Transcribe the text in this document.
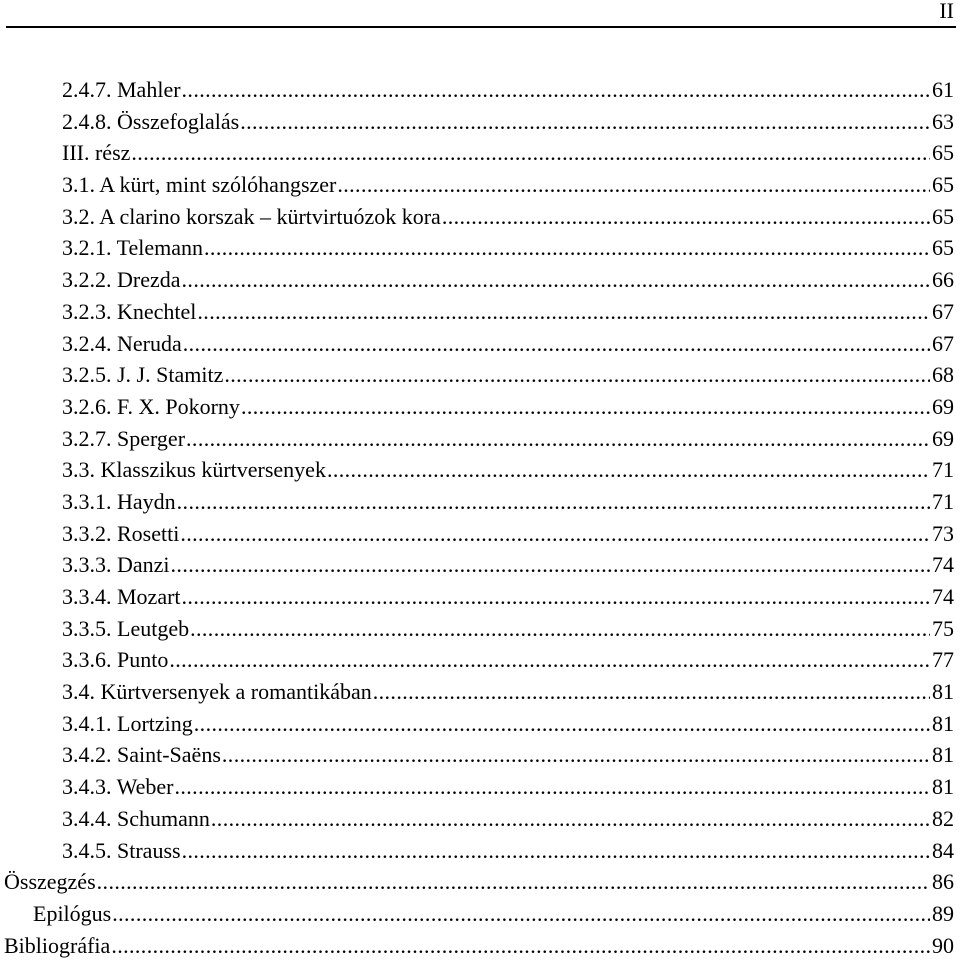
II
2.4.7. Mahler .....	61
2.4.8. Összefoglalás .....	63
III. rész .....	65
3.1. A kürt, mint szólóhangszer .....	65
3.2. A clarino korszak – kürtvirtuózok kora .....	65
3.2.1. Telemann .....	65
3.2.2. Drezda .....	66
3.2.3. Knechtel .....	67
3.2.4. Neruda .....	67
3.2.5. J. J. Stamitz .....	68
3.2.6. F. X. Pokorny .....	69
3.2.7. Sperger .....	69
3.3. Klasszikus kürtversenyek .....	71
3.3.1. Haydn .....	71
3.3.2. Rosetti .....	73
3.3.3. Danzi .....	74
3.3.4. Mozart .....	74
3.3.5. Leutgeb .....	75
3.3.6. Punto .....	77
3.4. Kürtversenyek a romantikában .....	81
3.4.1. Lortzing .....	81
3.4.2. Saint-Saëns .....	81
3.4.3. Weber .....	81
3.4.4. Schumann .....	82
3.4.5. Strauss .....	84
Összegzés .....	86
Epilógus .....	89
Bibliográfia .....	90
